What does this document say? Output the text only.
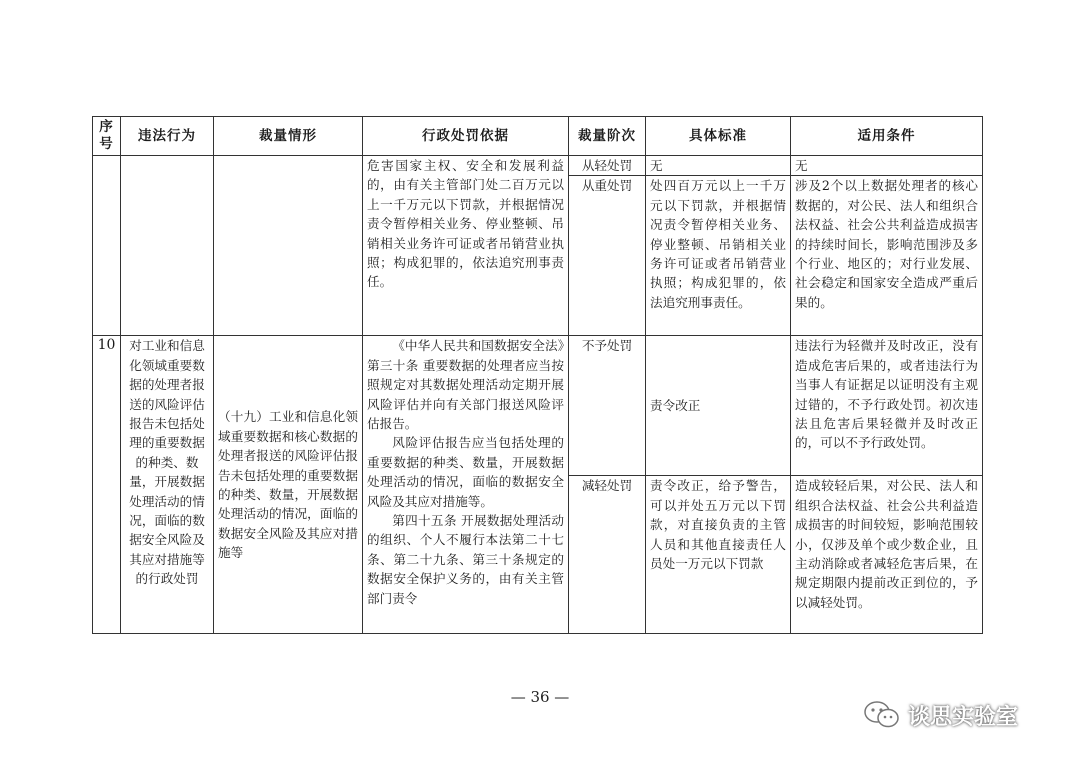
序号	违法行为	裁量情形	行政处罚依据	裁量阶次	具体标准	适用条件
			危害国家主权、安全和发展利益的，由有关主管部门处二百万元以上一千万元以下罚款，并根据情况责令暂停相关业务、停业整顿、吊销相关业务许可证或者吊销营业执照；构成犯罪的，依法追究刑事责任。	从轻处罚	无	无
				从重处罚	处四百万元以上一千万元以下罚款，并根据情况责令暂停相关业务、停业整顿、吊销相关业务许可证或者吊销营业执照；构成犯罪的，依法追究刑事责任。	涉及2个以上数据处理者的核心数据的，对公民、法人和组织合法权益、社会公共利益造成损害的持续时间长，影响范围涉及多个行业、地区的；对行业发展、社会稳定和国家安全造成严重后果的。
10	对工业和信息化领域重要数据的处理者报送的风险评估报告未包括处理的重要数据的种类、数量，开展数据处理活动的情况，面临的数据安全风险及其应对措施等的行政处罚	（十九）工业和信息化领域重要数据和核心数据的处理者报送的风险评估报告未包括处理的重要数据的种类、数量，开展数据处理活动的情况，面临的数据安全风险及其应对措施等	《中华人民共和国数据安全法》第三十条 重要数据的处理者应当按照规定对其数据处理活动定期开展风险评估并向有关部门报送风险评估报告。
风险评估报告应当包括处理的重要数据的种类、数量，开展数据处理活动的情况，面临的数据安全风险及其应对措施等。
第四十五条 开展数据处理活动的组织、个人不履行本法第二十七条、第二十九条、第三十条规定的数据安全保护义务的，由有关主管部门责令	不予处罚	责令改正	违法行为轻微并及时改正，没有造成危害后果的，或者违法行为当事人有证据足以证明没有主观过错的，不予行政处罚。初次违法且危害后果轻微并及时改正的，可以不予行政处罚。
				减轻处罚	责令改正，给予警告，可以并处五万元以下罚款，对直接负责的主管人员和其他直接责任人员处一万元以下罚款	造成较轻后果，对公民、法人和组织合法权益、社会公共利益造成损害的时间较短，影响范围较小，仅涉及单个或少数企业，且主动消除或者减轻危害后果，在规定期限内提前改正到位的，予以减轻处罚。
— 36 —
谈思实验室
